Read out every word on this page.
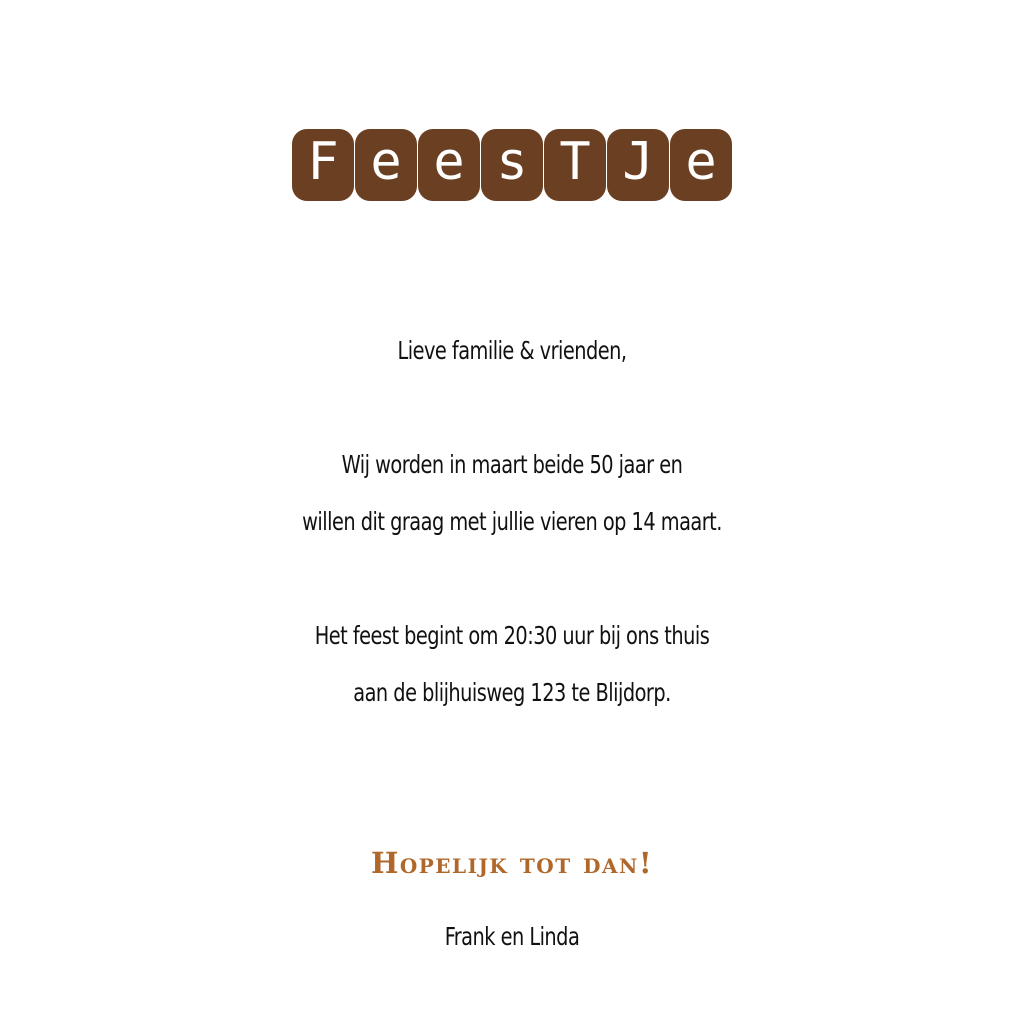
F e e s T J e
Lieve familie & vrienden,
Wij worden in maart beide 50 jaar en
willen dit graag met jullie vieren op 14 maart.
Het feest begint om 20:30 uur bij ons thuis
aan de blijhuisweg 123 te Blijdorp.
Hopelijk tot dan!
Frank en Linda
